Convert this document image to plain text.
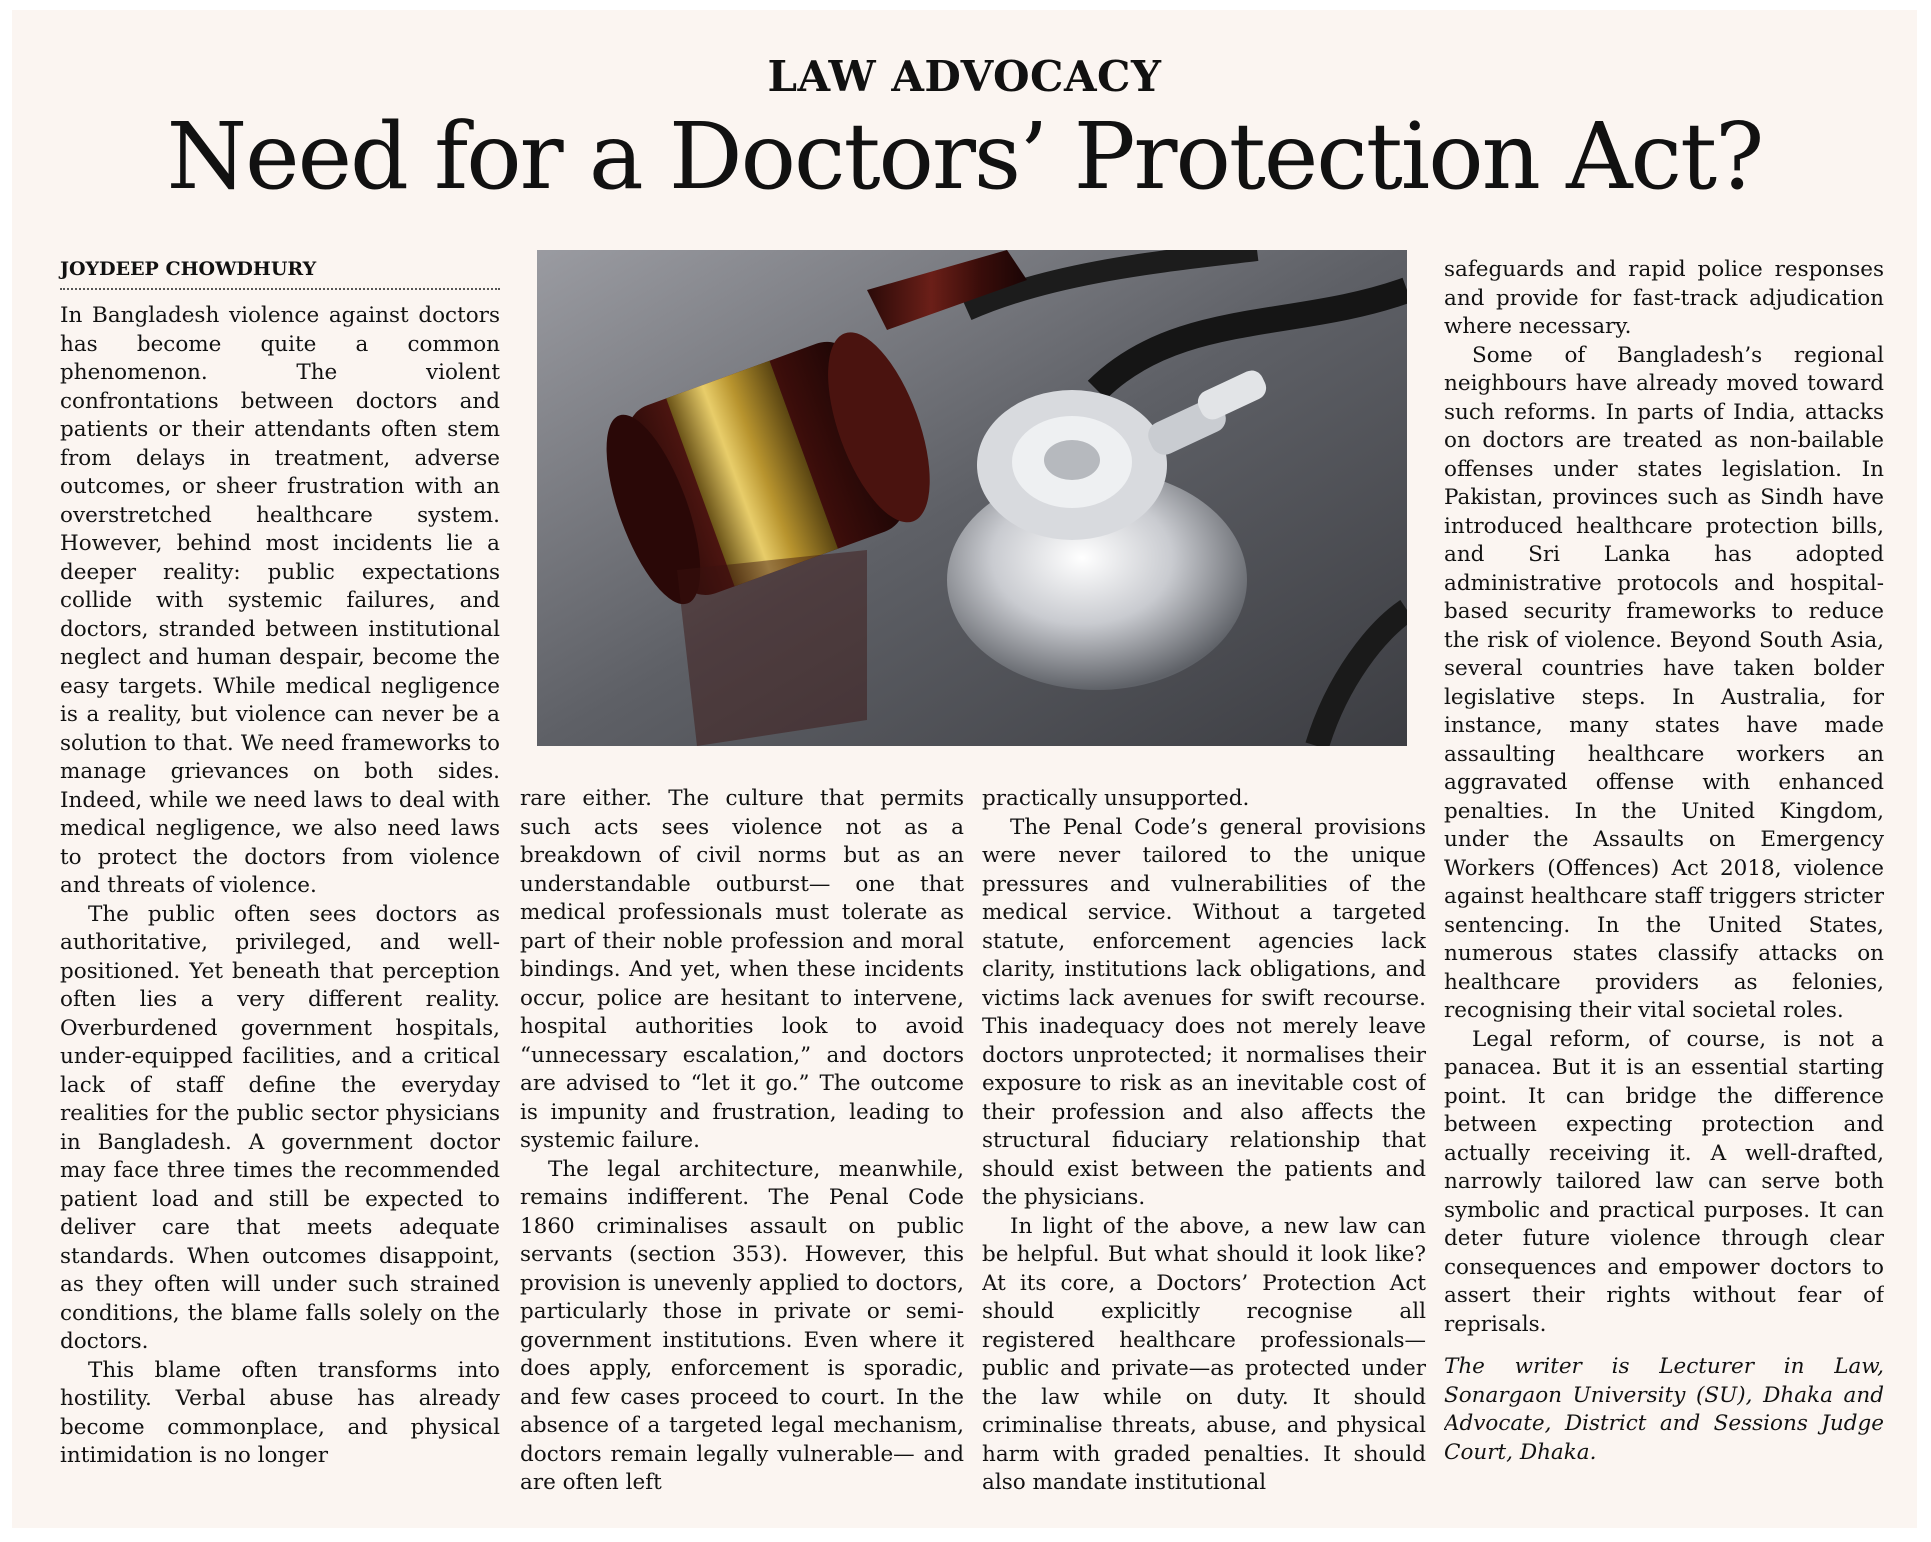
LAW ADVOCACY
Need for a Doctors’ Protection Act?
JOYDEEP CHOWDHURY

In Bangladesh violence against doctors has become quite a common phenomenon. The violent confrontations between doctors and patients or their attendants often stem from delays in treatment, adverse outcomes, or sheer frustration with an overstretched healthcare system. However, behind most incidents lie a deeper reality: public expectations collide with systemic failures, and doctors, stranded between institutional neglect and human despair, become the easy targets. While medical negligence is a reality, but violence can never be a solution to that. We need frameworks to manage grievances on both sides. Indeed, while we need laws to deal with medical negligence, we also need laws to protect the doctors from violence and threats of violence.

The public often sees doctors as authoritative, privileged, and well-positioned. Yet beneath that perception often lies a very different reality. Overburdened government hospitals, under-equipped facilities, and a critical lack of staff define the everyday realities for the public sector physicians in Bangladesh. A government doctor may face three times the recommended patient load and still be expected to deliver care that meets adequate standards. When outcomes disappoint, as they often will under such strained conditions, the blame falls solely on the doctors.

This blame often transforms into hostility. Verbal abuse has already become commonplace, and physical intimidation is no longer

rare either. The culture that permits such acts sees violence not as a breakdown of civil norms but as an understandable outburst— one that medical professionals must tolerate as part of their noble profession and moral bindings. And yet, when these incidents occur, police are hesitant to intervene, hospital authorities look to avoid “unnecessary escalation,” and doctors are advised to “let it go.” The outcome is impunity and frustration, leading to systemic failure.

The legal architecture, meanwhile, remains indifferent. The Penal Code 1860 criminalises assault on public servants (section 353). However, this provision is unevenly applied to doctors, particularly those in private or semi-government institutions. Even where it does apply, enforcement is sporadic, and few cases proceed to court. In the absence of a targeted legal mechanism, doctors remain legally vulnerable— and are often left

practically unsupported.

The Penal Code’s general provisions were never tailored to the unique pressures and vulnerabilities of the medical service. Without a targeted statute, enforcement agencies lack clarity, institutions lack obligations, and victims lack avenues for swift recourse. This inadequacy does not merely leave doctors unprotected; it normalises their exposure to risk as an inevitable cost of their profession and also affects the structural fiduciary relationship that should exist between the patients and the physicians.

In light of the above, a new law can be helpful. But what should it look like? At its core, a Doctors’ Protection Act should explicitly recognise all registered healthcare professionals— public and private—as protected under the law while on duty. It should criminalise threats, abuse, and physical harm with graded penalties. It should also mandate institutional

safeguards and rapid police responses and provide for fast-track adjudication where necessary.

Some of Bangladesh’s regional neighbours have already moved toward such reforms. In parts of India, attacks on doctors are treated as non-bailable offenses under states legislation. In Pakistan, provinces such as Sindh have introduced healthcare protection bills, and Sri Lanka has adopted administrative protocols and hospital-based security frameworks to reduce the risk of violence. Beyond South Asia, several countries have taken bolder legislative steps. In Australia, for instance, many states have made assaulting healthcare workers an aggravated offense with enhanced penalties. In the United Kingdom, under the Assaults on Emergency Workers (Offences) Act 2018, violence against healthcare staff triggers stricter sentencing. In the United States, numerous states classify attacks on healthcare providers as felonies, recognising their vital societal roles.

Legal reform, of course, is not a panacea. But it is an essential starting point. It can bridge the difference between expecting protection and actually receiving it. A well-drafted, narrowly tailored law can serve both symbolic and practical purposes. It can deter future violence through clear consequences and empower doctors to assert their rights without fear of reprisals.

The writer is Lecturer in Law, Sonargaon University (SU), Dhaka and Advocate, District and Sessions Judge Court, Dhaka.
